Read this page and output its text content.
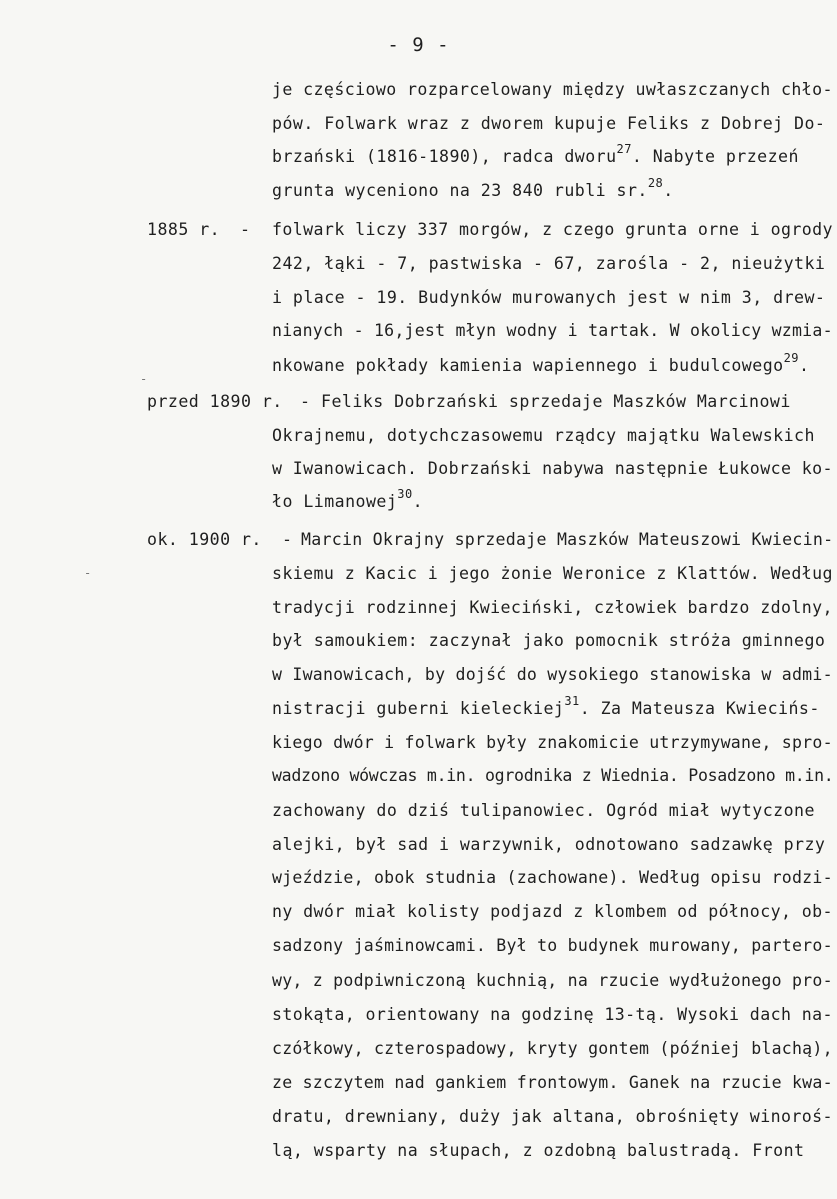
- 9 -
je częściowo rozparcelowany między uwłaszczanych chło-
pów. Folwark wraz z dworem kupuje Feliks z Dobrej Do-
brzański (1816-1890), radca dworu$^{27}$. Nabyte przezeń
grunta wyceniono na 23 840 rubli sr.$^{28}$.
1885 r. - folwark liczy 337 morgów, z czego grunta orne i ogrody
242, łąki - 7, pastwiska - 67, zarośla - 2, nieużytki
i place - 19. Budynków murowanych jest w nim 3, drew-
nianych - 16,jest młyn wodny i tartak. W okolicy wzmia-
nkowane pokłady kamienia wapiennego i budulcowego$^{29}$.
przed 1890 r. - Feliks Dobrzański sprzedaje Maszków Marcinowi
Okrajnemu, dotychczasowemu rządcy majątku Walewskich
w Iwanowicach. Dobrzański nabywa następnie Łukowce ko-
ło Limanowej$^{30}$.
ok. 1900 r. - Marcin Okrajny sprzedaje Maszków Mateuszowi Kwiecin-
skiemu z Kacic i jego żonie Weronice z Klattów. Według
tradycji rodzinnej Kwieciński, człowiek bardzo zdolny,
był samoukiem: zaczynał jako pomocnik stróża gminnego
w Iwanowicach, by dojść do wysokiego stanowiska w admi-
nistracji guberni kieleckiej$^{31}$. Za Mateusza Kwiecińs-
kiego dwór i folwark były znakomicie utrzymywane, spro-
wadzono wówczas m.in. ogrodnika z Wiednia. Posadzono m.in.
zachowany do dziś tulipanowiec. Ogród miał wytyczone
alejki, był sad i warzywnik, odnotowano sadzawkę przy
wjeździe, obok studnia (zachowane). Według opisu rodzi-
ny dwór miał kolisty podjazd z klombem od północy, ob-
sadzony jaśminowcami. Był to budynek murowany, partero-
wy, z podpiwniczoną kuchnią, na rzucie wydłużonego pro-
stokąta, orientowany na godzinę 13-tą. Wysoki dach na-
czółkowy, czterospadowy, kryty gontem (później blachą),
ze szczytem nad gankiem frontowym. Ganek na rzucie kwa-
dratu, drewniany, duży jak altana, obrośnięty winoroś-
lą, wsparty na słupach, z ozdobną balustradą. Front
-
-
